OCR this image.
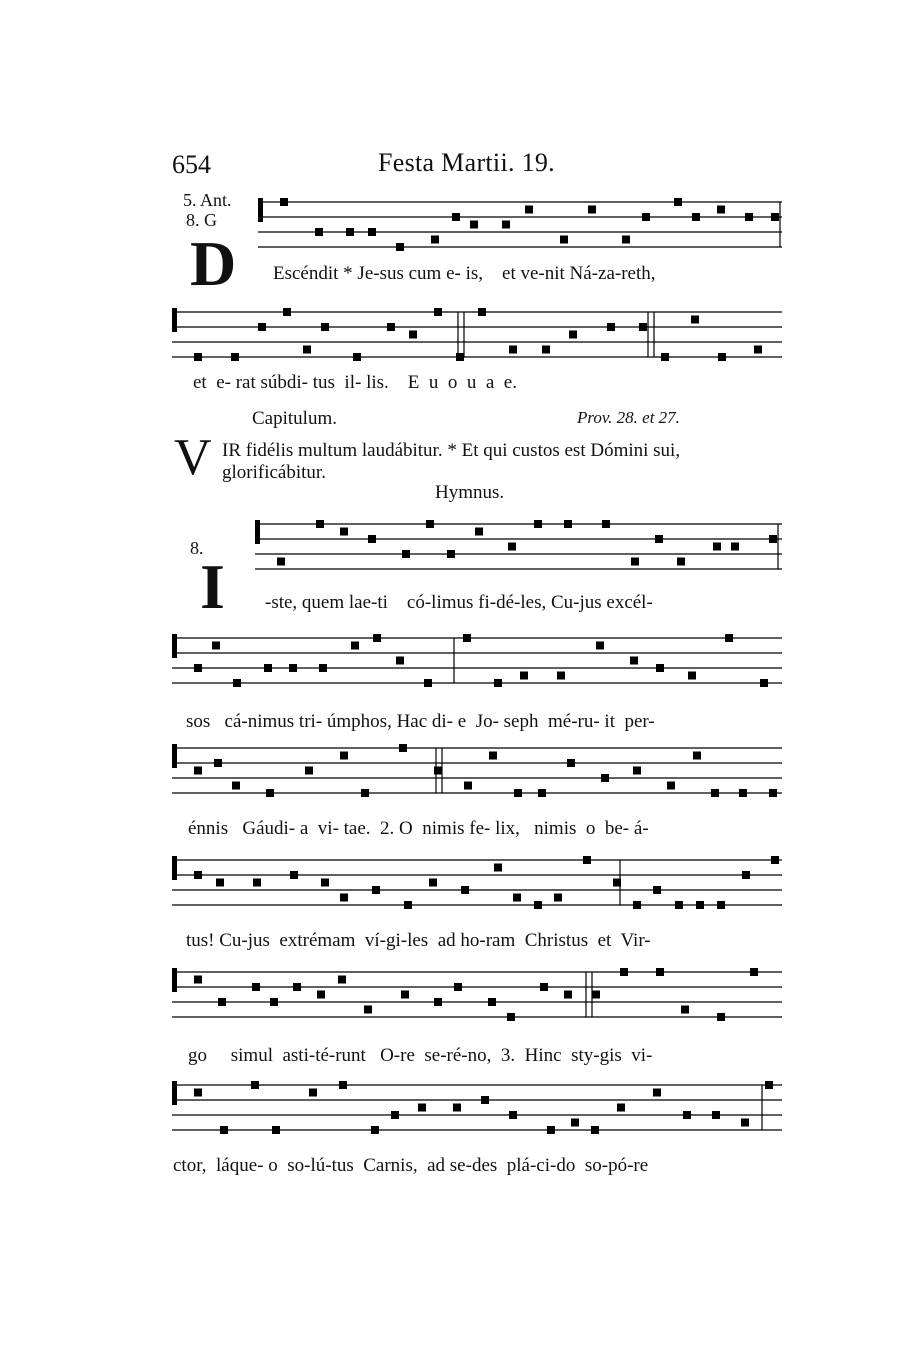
654	Festa Martii. 19.
5. Ant.
8. G
D Escéndit * Je-sus cum e- is,    et ve-nit Ná-za-reth,
et  e- rat súbdi- tus  il- lis.    E  u  o  u  a  e.
Capitulum.	Prov. 28. et 27.
V IR fidélis multum laudábitur. * Et qui custos est Dómini sui,
glorificábitur.
Hymnus.
8.
I -ste, quem lae-ti    có-limus fi-dé-les, Cu-jus excél-
sos   cá-nimus tri- úmphos, Hac di- e  Jo- seph  mé-ru- it  per-
énnis   Gáudi- a  vi- tae.  2. O  nimis fe- lix,   nimis  o  be- á-
tus! Cu-jus  extrémam  ví-gi-les  ad ho-ram  Christus  et  Vir-
go     simul  asti-té-runt   O-re  se-ré-no,  3.  Hinc  sty-gis  vi-
ctor,  láque- o  so-lú-tus  Carnis,  ad se-des  plá-ci-do  so-pó-re
